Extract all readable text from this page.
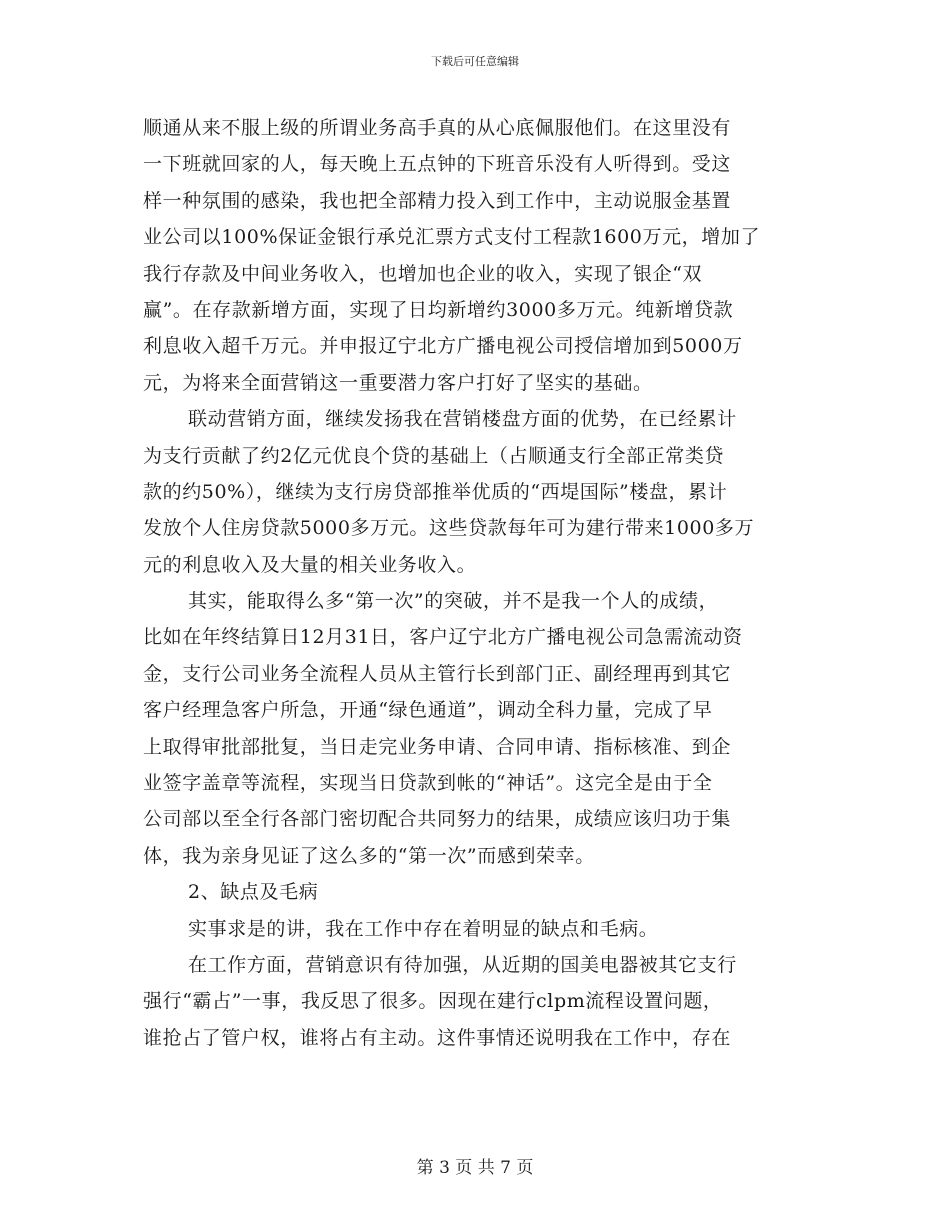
下载后可任意编辑
顺通从来不服上级的所谓业务高手真的从心底佩服他们。在这里没有
一下班就回家的人，每天晚上五点钟的下班音乐没有人听得到。受这
样一种氛围的感染，我也把全部精力投入到工作中，主动说服金基置
业公司以100%保证金银行承兑汇票方式支付工程款1600万元，增加了
我行存款及中间业务收入，也增加也企业的收入，实现了银企“双
赢”。在存款新增方面，实现了日均新增约3000多万元。纯新增贷款
利息收入超千万元。并申报辽宁北方广播电视公司授信增加到5000万
元，为将来全面营销这一重要潜力客户打好了坚实的基础。
联动营销方面，继续发扬我在营销楼盘方面的优势，在已经累计
为支行贡献了约2亿元优良个贷的基础上（占顺通支行全部正常类贷
款的约50%），继续为支行房贷部推举优质的“西堤国际”楼盘，累计
发放个人住房贷款5000多万元。这些贷款每年可为建行带来1000多万
元的利息收入及大量的相关业务收入。
其实，能取得么多“第一次”的突破，并不是我一个人的成绩，
比如在年终结算日12月31日，客户辽宁北方广播电视公司急需流动资
金，支行公司业务全流程人员从主管行长到部门正、副经理再到其它
客户经理急客户所急，开通“绿色通道”，调动全科力量，完成了早
上取得审批部批复，当日走完业务申请、合同申请、指标核准、到企
业签字盖章等流程，实现当日贷款到帐的“神话”。这完全是由于全
公司部以至全行各部门密切配合共同努力的结果，成绩应该归功于集
体，我为亲身见证了这么多的“第一次”而感到荣幸。
2、缺点及毛病
实事求是的讲，我在工作中存在着明显的缺点和毛病。
在工作方面，营销意识有待加强，从近期的国美电器被其它支行
强行“霸占”一事，我反思了很多。因现在建行clpm流程设置问题，
谁抢占了管户权，谁将占有主动。这件事情还说明我在工作中，存在
第 3 页 共 7 页
